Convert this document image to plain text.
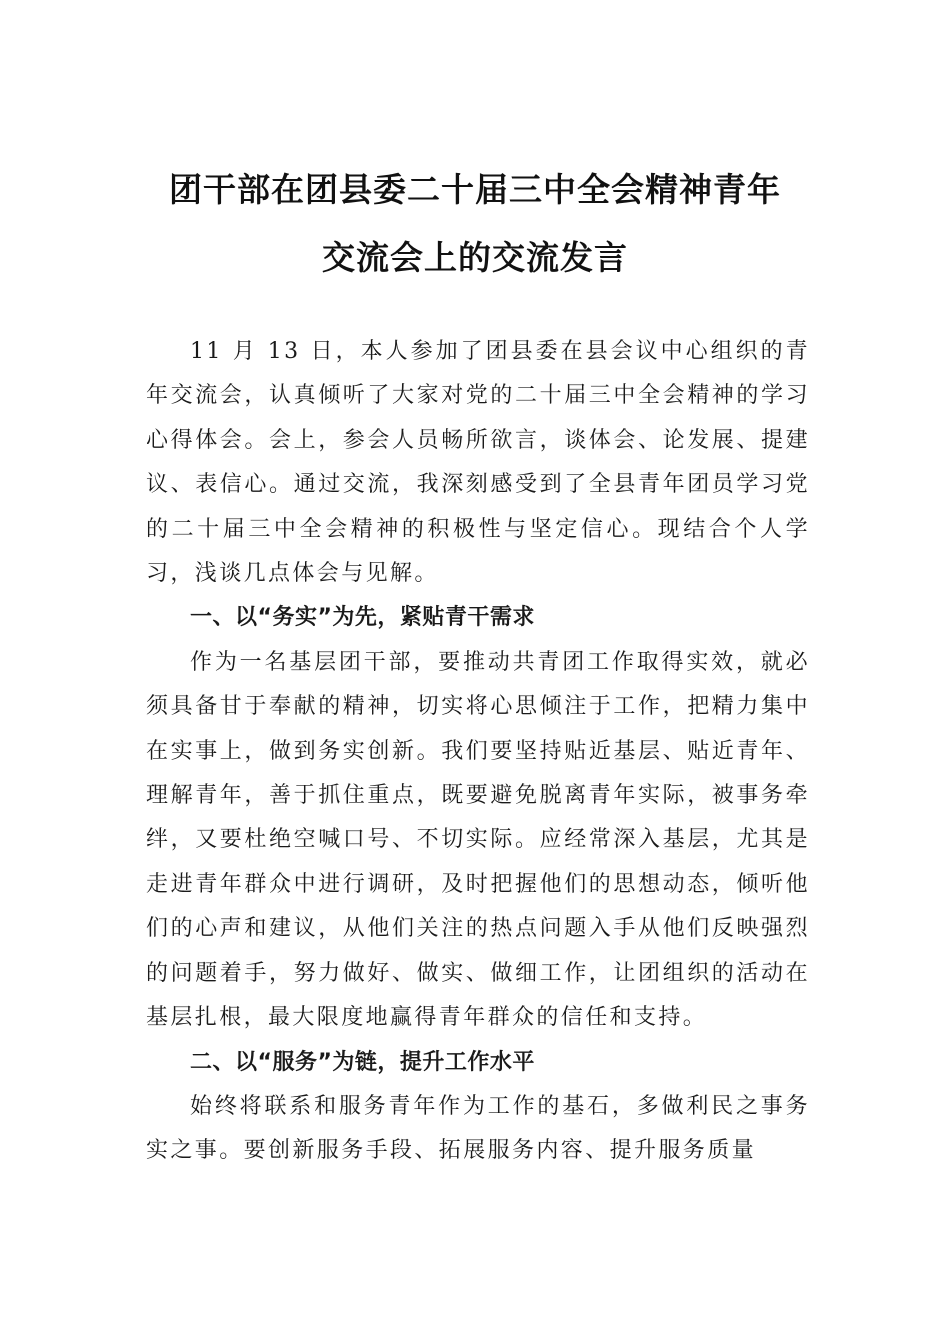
团干部在团县委二十届三中全会精神青年
交流会上的交流发言

11 月 13 日，本人参加了团县委在县会议中心组织的青年交流会，认真倾听了大家对党的二十届三中全会精神的学习心得体会。会上，参会人员畅所欲言，谈体会、论发展、提建议、表信心。通过交流，我深刻感受到了全县青年团员学习党的二十届三中全会精神的积极性与坚定信心。现结合个人学习，浅谈几点体会与见解。

一、以“务实”为先，紧贴青干需求

作为一名基层团干部，要推动共青团工作取得实效，就必须具备甘于奉献的精神，切实将心思倾注于工作，把精力集中在实事上，做到务实创新。我们要坚持贴近基层、贴近青年、理解青年，善于抓住重点，既要避免脱离青年实际，被事务牵绊，又要杜绝空喊口号、不切实际。应经常深入基层，尤其是走进青年群众中进行调研，及时把握他们的思想动态，倾听他们的心声和建议，从他们关注的热点问题入手从他们反映强烈的问题着手，努力做好、做实、做细工作，让团组织的活动在基层扎根，最大限度地赢得青年群众的信任和支持。

二、以“服务”为链，提升工作水平

始终将联系和服务青年作为工作的基石，多做利民之事务实之事。要创新服务手段、拓展服务内容、提升服务质量
